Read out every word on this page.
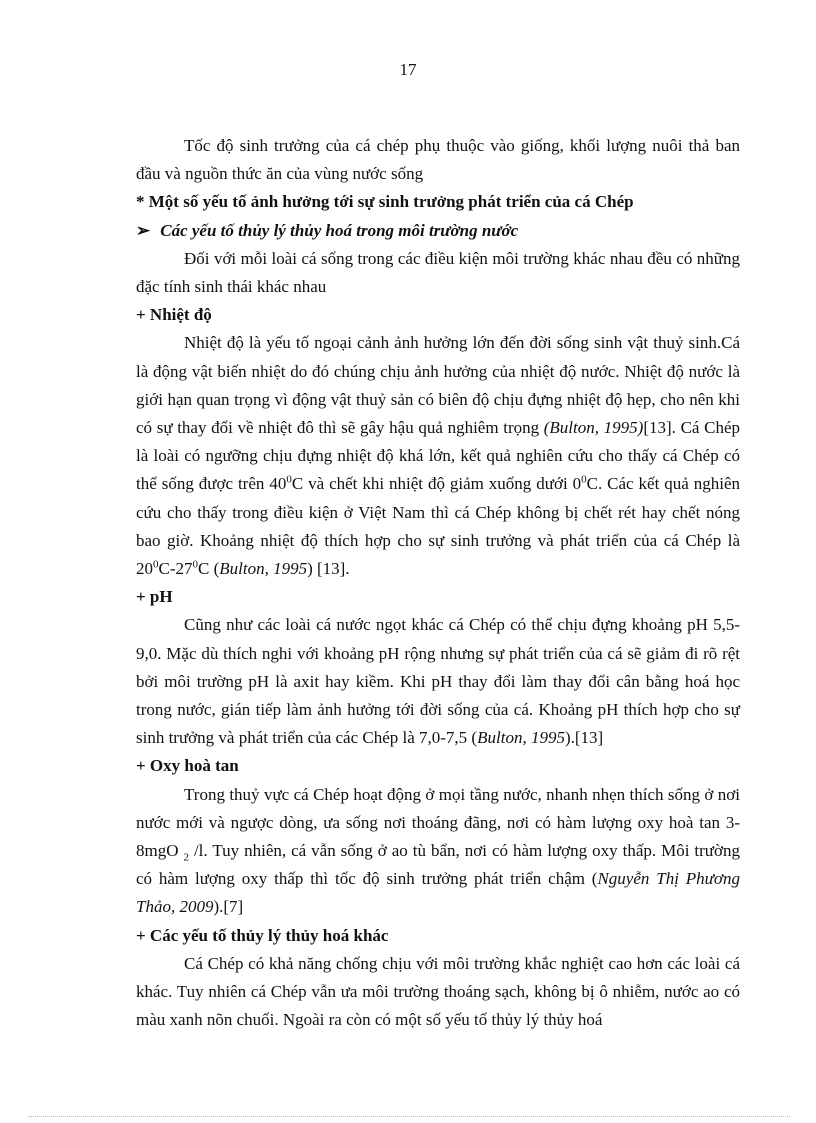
17

Tốc độ sinh trưởng của cá chép phụ thuộc vào giống, khối lượng nuôi thả ban đầu và nguồn thức ăn của vùng nước sống

* Một số yếu tố ảnh hưởng tới sự sinh trưởng phát triển của cá Chép

➢ Các yếu tố thủy lý thủy hoá trong môi trường nước

Đối với mỗi loài cá sống trong các điều kiện môi trường khác nhau đều có những đặc tính sinh thái khác nhau

+ Nhiệt độ

Nhiệt độ là yếu tố ngoại cảnh ảnh hưởng lớn đến đời sống sinh vật thuỷ sinh.Cá là động vật biến nhiệt do đó chúng chịu ảnh hưởng của nhiệt độ nước. Nhiệt độ nước là giới hạn quan trọng vì động vật thuỷ sản có biên độ chịu đựng nhiệt độ hẹp, cho nên khi có sự thay đổi về nhiệt đô thì sẽ gây hậu quả nghiêm trọng (Bulton, 1995)[13]. Cá Chép là loài có ngưỡng chịu đựng nhiệt độ khá lớn, kết quả nghiên cứu cho thấy cá Chép có thể sống được trên $40^0C$ và chết khi nhiệt độ giảm xuống dưới $0^0C$. Các kết quả nghiên cứu cho thấy trong điều kiện ở Việt Nam thì cá Chép không bị chết rét hay chết nóng bao giờ. Khoảng nhiệt độ thích hợp cho sự sinh trưởng và phát triển của cá Chép là $20^0C-27^0C$ (Bulton, 1995) [13].

+ pH

Cũng như các loài cá nước ngọt khác cá Chép có thể chịu đựng khoảng pH 5,5-9,0. Mặc dù thích nghi với khoảng pH rộng nhưng sự phát triển của cá sẽ giảm đi rõ rệt bởi môi trường pH là axit hay kiềm. Khi pH thay đổi làm thay đổi cân bằng hoá học trong nước, gián tiếp làm ảnh hưởng tới đời sống của cá. Khoảng pH thích hợp cho sự sinh trưởng và phát triển của các Chép là 7,0-7,5 (Bulton, 1995).[13]

+ Oxy hoà tan

Trong thuỷ vực cá Chép hoạt động ở mọi tầng nước, nhanh nhẹn thích sống ở nơi nước mới và ngược dòng, ưa sống nơi thoáng đãng, nơi có hàm lượng oxy hoà tan 3-8mgO $_2$ /l. Tuy nhiên, cá vẫn sống ở ao tù bẩn, nơi có hàm lượng oxy thấp. Môi trường có hàm lượng oxy thấp thì tốc độ sinh trưởng phát triển chậm (Nguyễn Thị Phương Thảo, 2009).[7]

+ Các yếu tố thủy lý thủy hoá khác

Cá Chép có khả năng chống chịu với môi trường khắc nghiệt cao hơn các loài cá khác. Tuy nhiên cá Chép vẫn ưa môi trường thoáng sạch, không bị ô nhiễm, nước ao có màu xanh nõn chuối. Ngoài ra còn có một số yếu tố thủy lý thủy hoá
